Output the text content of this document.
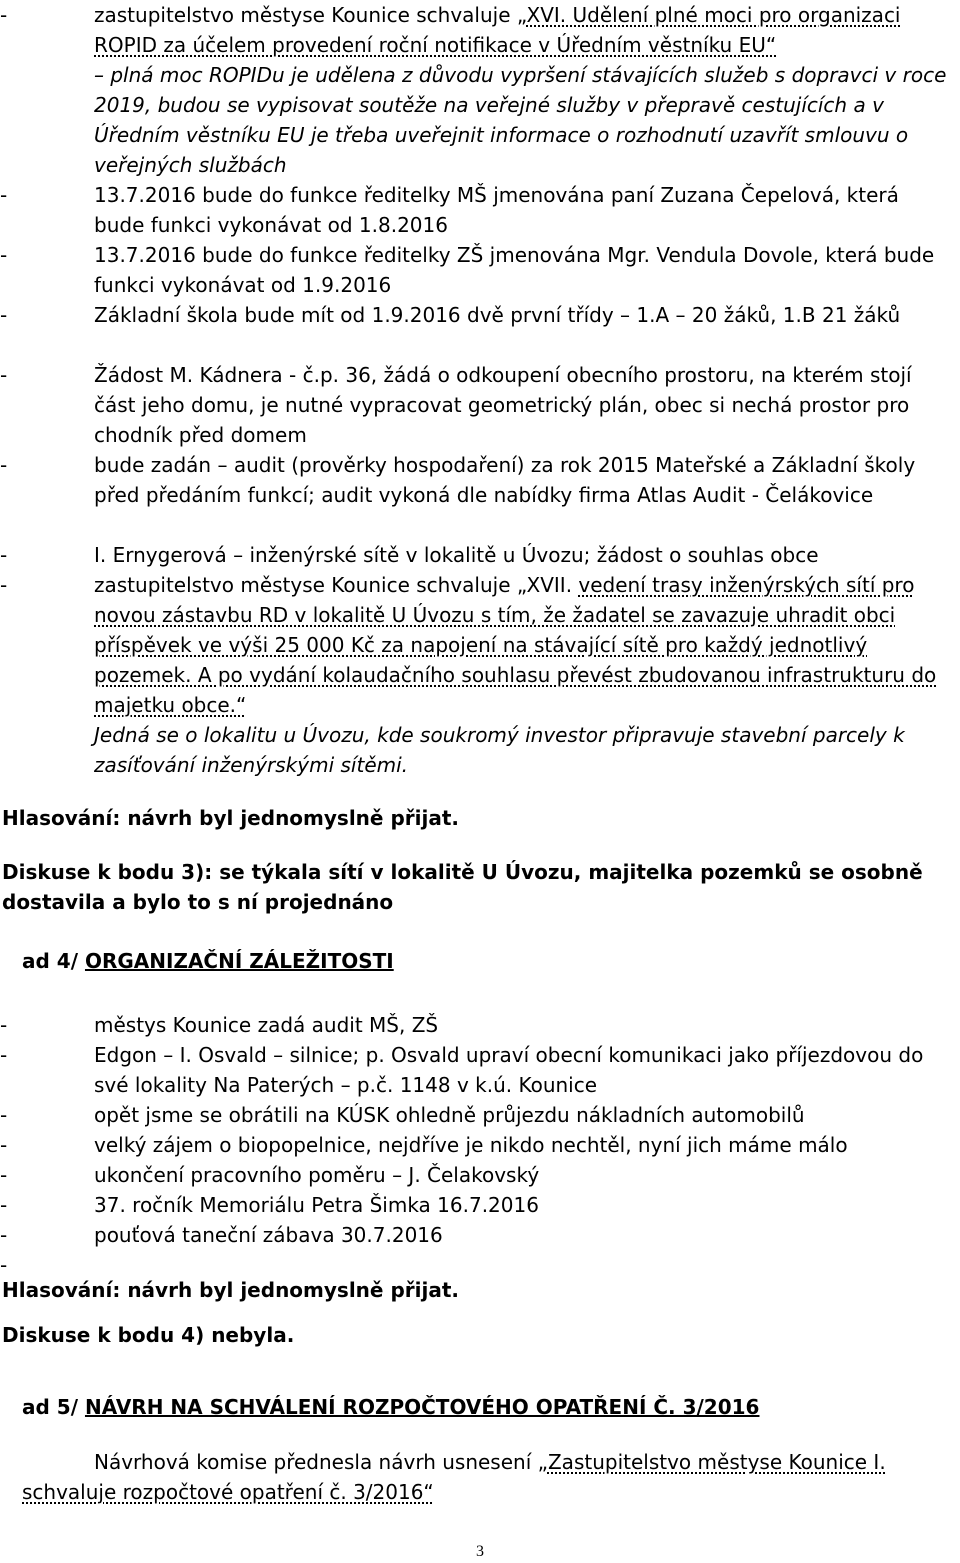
-	zastupitelstvo městyse Kounice schvaluje „XVI. Udělení plné moci pro organizaci ROPID za účelem provedení roční notifikace v Úředním věstníku EU“
– plná moc ROPIDu je udělena z důvodu vypršení stávajících služeb s dopravci v roce 2019, budou se vypisovat soutěže na veřejné služby v přepravě cestujících a v Úředním věstníku EU je třeba uveřejnit informace o rozhodnutí uzavřít smlouvu o veřejných službách
-	13.7.2016 bude do funkce ředitelky MŠ jmenována paní Zuzana Čepelová, která bude funkci vykonávat od 1.8.2016
-	13.7.2016 bude do funkce ředitelky ZŠ jmenována Mgr. Vendula Dovole, která bude funkci vykonávat od 1.9.2016
-	Základní škola bude mít od 1.9.2016 dvě první třídy – 1.A – 20 žáků, 1.B 21 žáků
-	Žádost M. Kádnera - č.p. 36, žádá o odkoupení obecního prostoru, na kterém stojí část jeho domu, je nutné vypracovat geometrický plán, obec si nechá prostor pro chodník před domem
-	bude zadán – audit (prověrky hospodaření) za rok 2015 Mateřské a Základní školy před předáním funkcí; audit vykoná dle nabídky firma Atlas Audit - Čelákovice
-	I. Ernygerová – inženýrské sítě v lokalitě u Úvozu; žádost o souhlas obce
-	zastupitelstvo městyse Kounice schvaluje „XVII. vedení trasy inženýrských sítí pro novou zástavbu RD v lokalitě U Úvozu s tím, že žadatel se zavazuje uhradit obci příspěvek ve výši 25 000 Kč za napojení na stávající sítě pro každý jednotlivý pozemek. A po vydání kolaudačního souhlasu převést zbudovanou infrastrukturu do majetku obce.“
Jedná se o lokalitu u Úvozu, kde soukromý investor připravuje stavební parcely k zasíťování inženýrskými sítěmi.
Hlasování: návrh byl jednomyslně přijat.
Diskuse k bodu 3): se týkala sítí v lokalitě U Úvozu, majitelka pozemků se osobně dostavila a bylo to s ní projednáno
ad 4/ ORGANIZAČNÍ ZÁLEŽITOSTI
-	městys Kounice zadá audit MŠ, ZŠ
-	Edgon – I. Osvald – silnice; p. Osvald upraví obecní komunikaci jako příjezdovou do své lokality Na Paterých – p.č. 1148 v k.ú. Kounice
-	opět jsme se obrátili na KÚSK ohledně průjezdu nákladních automobilů
-	velký zájem o biopopelnice, nejdříve je nikdo nechtěl, nyní jich máme málo
-	ukončení pracovního poměru – J. Čelakovský
-	37. ročník Memoriálu Petra Šimka 16.7.2016
-	pouťová taneční zábava 30.7.2016
-
Hlasování: návrh byl jednomyslně přijat.
Diskuse k bodu 4) nebyla.
ad 5/ NÁVRH NA SCHVÁLENÍ ROZPOČTOVÉHO OPATŘENÍ Č. 3/2016
Návrhová komise přednesla návrh usnesení „Zastupitelstvo městyse Kounice I. schvaluje rozpočtové opatření č. 3/2016“
3
